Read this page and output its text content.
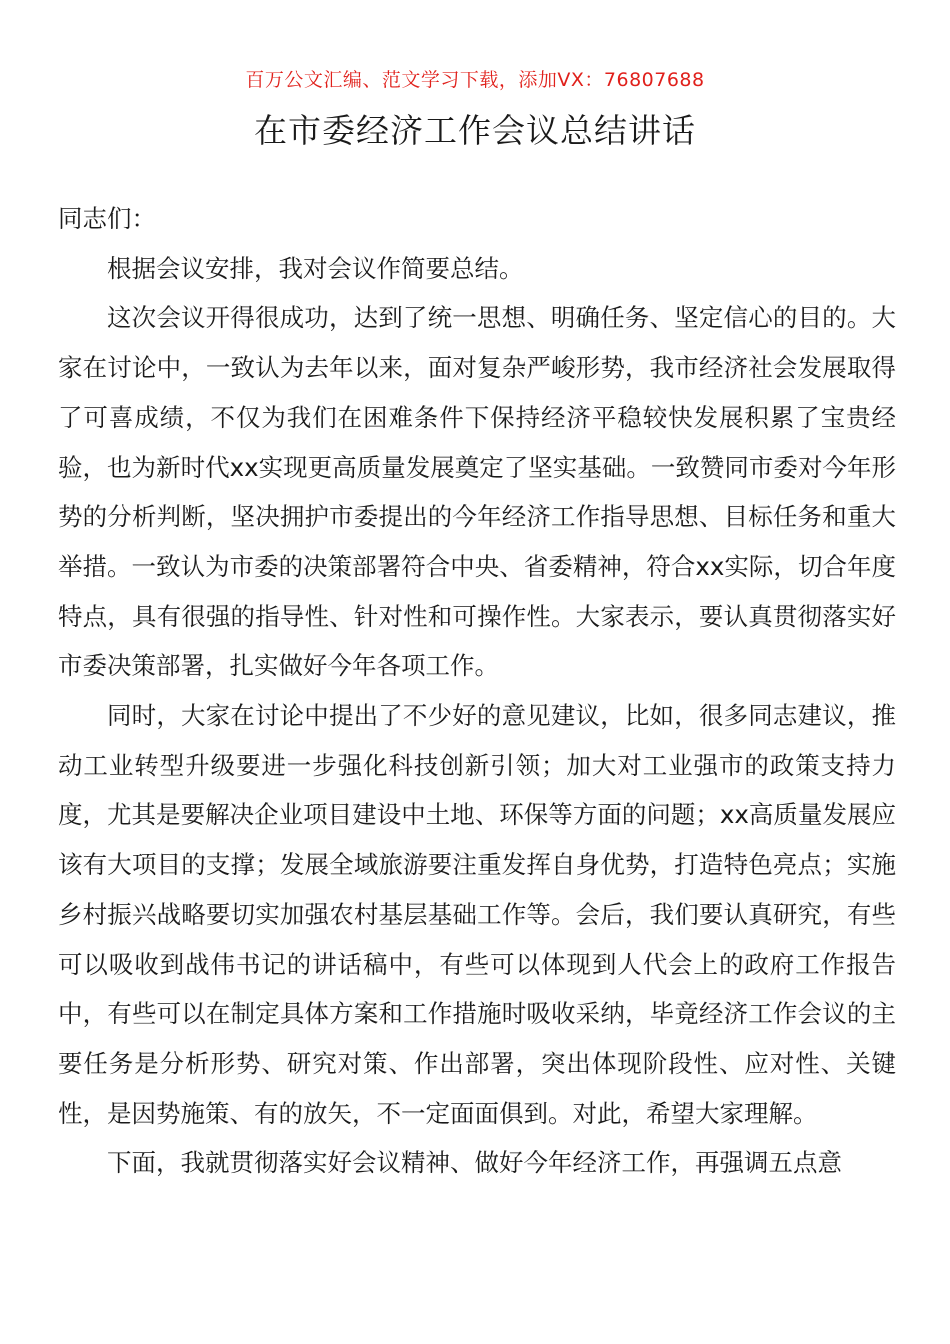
百万公文汇编、范文学习下载，添加VX：76807688
在市委经济工作会议总结讲话

同志们：

根据会议安排，我对会议作简要总结。

这次会议开得很成功，达到了统一思想、明确任务、坚定信心的目的。大家在讨论中，一致认为去年以来，面对复杂严峻形势，我市经济社会发展取得了可喜成绩，不仅为我们在困难条件下保持经济平稳较快发展积累了宝贵经验，也为新时代xx实现更高质量发展奠定了坚实基础。一致赞同市委对今年形势的分析判断，坚决拥护市委提出的今年经济工作指导思想、目标任务和重大举措。一致认为市委的决策部署符合中央、省委精神，符合xx实际，切合年度特点，具有很强的指导性、针对性和可操作性。大家表示，要认真贯彻落实好市委决策部署，扎实做好今年各项工作。

同时，大家在讨论中提出了不少好的意见建议，比如，很多同志建议，推动工业转型升级要进一步强化科技创新引领；加大对工业强市的政策支持力度，尤其是要解决企业项目建设中土地、环保等方面的问题；xx高质量发展应该有大项目的支撑；发展全域旅游要注重发挥自身优势，打造特色亮点；实施乡村振兴战略要切实加强农村基层基础工作等。会后，我们要认真研究，有些可以吸收到战伟书记的讲话稿中，有些可以体现到人代会上的政府工作报告中，有些可以在制定具体方案和工作措施时吸收采纳，毕竟经济工作会议的主要任务是分析形势、研究对策、作出部署，突出体现阶段性、应对性、关键性，是因势施策、有的放矢，不一定面面俱到。对此，希望大家理解。

下面，我就贯彻落实好会议精神、做好今年经济工作，再强调五点意
